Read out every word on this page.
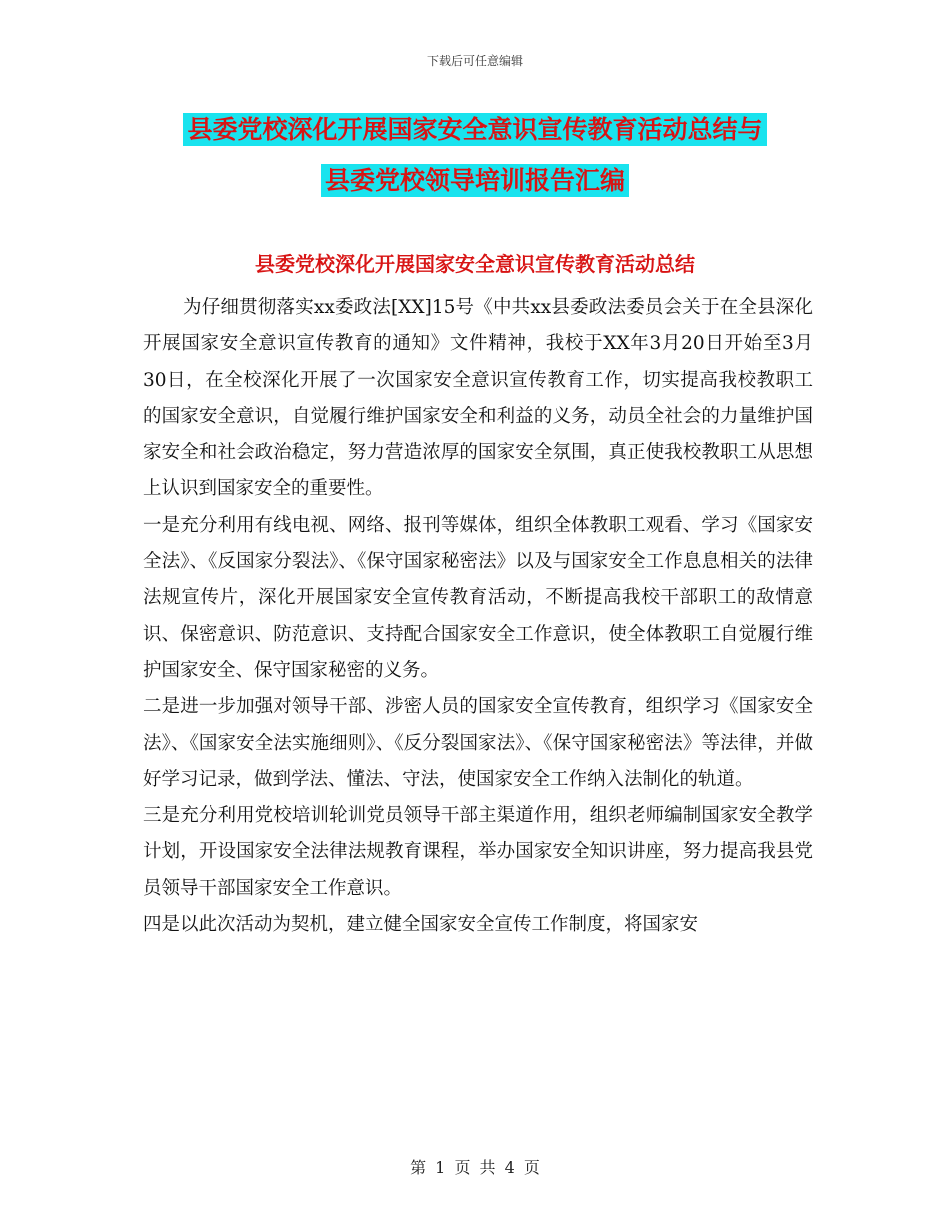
下载后可任意编辑
县委党校深化开展国家安全意识宣传教育活动总结与
县委党校领导培训报告汇编
县委党校深化开展国家安全意识宣传教育活动总结

为仔细贯彻落实xx委政法[XX]15号《中共xx县委政法委员会关于在全县深化开展国家安全意识宣传教育的通知》文件精神，我校于XX年3月20日开始至3月30日，在全校深化开展了一次国家安全意识宣传教育工作，切实提高我校教职工的国家安全意识，自觉履行维护国家安全和利益的义务，动员全社会的力量维护国家安全和社会政治稳定，努力营造浓厚的国家安全氛围，真正使我校教职工从思想上认识到国家安全的重要性。

一是充分利用有线电视、网络、报刊等媒体，组织全体教职工观看、学习《国家安全法》、《反国家分裂法》、《保守国家秘密法》以及与国家安全工作息息相关的法律法规宣传片，深化开展国家安全宣传教育活动，不断提高我校干部职工的敌情意识、保密意识、防范意识、支持配合国家安全工作意识，使全体教职工自觉履行维护国家安全、保守国家秘密的义务。

二是进一步加强对领导干部、涉密人员的国家安全宣传教育，组织学习《国家安全法》、《国家安全法实施细则》、《反分裂国家法》、《保守国家秘密法》等法律，并做好学习记录，做到学法、懂法、守法，使国家安全工作纳入法制化的轨道。

三是充分利用党校培训轮训党员领导干部主渠道作用，组织老师编制国家安全教学计划，开设国家安全法律法规教育课程，举办国家安全知识讲座，努力提高我县党员领导干部国家安全工作意识。

四是以此次活动为契机，建立健全国家安全宣传工作制度，将国家安

第 1 页 共 4 页
